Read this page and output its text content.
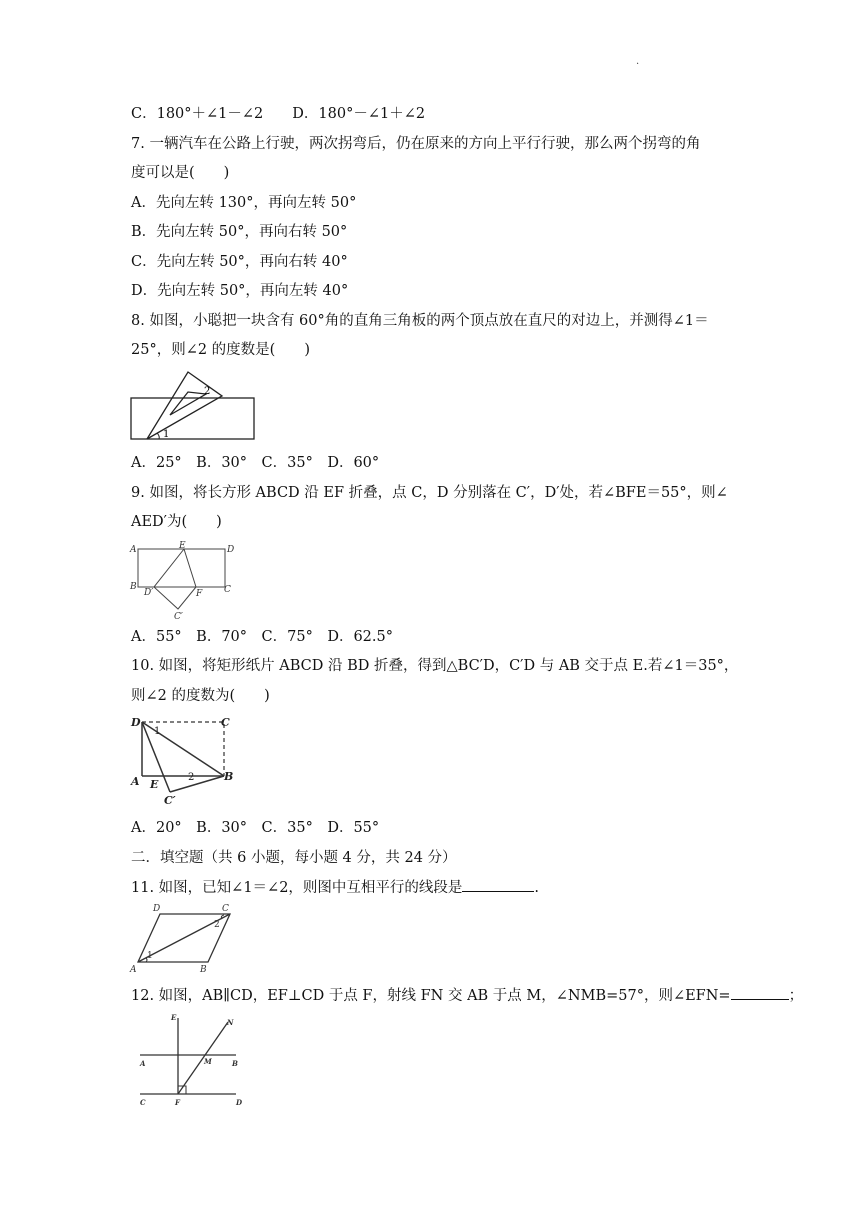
.
C．180°＋∠1－∠2　　D．180°－∠1＋∠2
7. 一辆汽车在公路上行驶，两次拐弯后，仍在原来的方向上平行行驶，那么两个拐弯的角
度可以是(　　)
A．先向左转 130°，再向左转 50°
B．先向左转 50°，再向右转 50°
C．先向左转 50°，再向右转 40°
D．先向左转 50°，再向左转 40°
8. 如图，小聪把一块含有 60°角的直角三角板的两个顶点放在直尺的对边上，并测得∠1＝
25°，则∠2 的度数是(　　)
1
2
A．25°　B．30°　C．35°　D．60°
9. 如图，将长方形 ABCD 沿 EF 折叠，点 C，D 分别落在 C′，D′处，若∠BFE＝55°，则∠
AED′为(　　)
A	E	D
B
D′	F C
C′
A．55°　B．70°　C．75°　D．62.5°
10. 如图，将矩形纸片 ABCD 沿 BD 折叠，得到△BC′D，C′D 与 AB 交于点 E.若∠1＝35°，
则∠2 的度数为(　　)
D	C
A E
B
C′
1
2
A．20°　B．30°　C．35°　D．55°
二．填空题（共 6 小题，每小题 4 分，共 24 分）
11. 如图，已知∠1＝∠2，则图中互相平行的线段是	.
D	C
A	B
1
2
12. 如图，AB∥CD，EF⊥CD 于点 F，射线 FN 交 AB 于点 M，∠NMB=57°，则∠EFN=	；
E
N
A	M	B
C	F	D
